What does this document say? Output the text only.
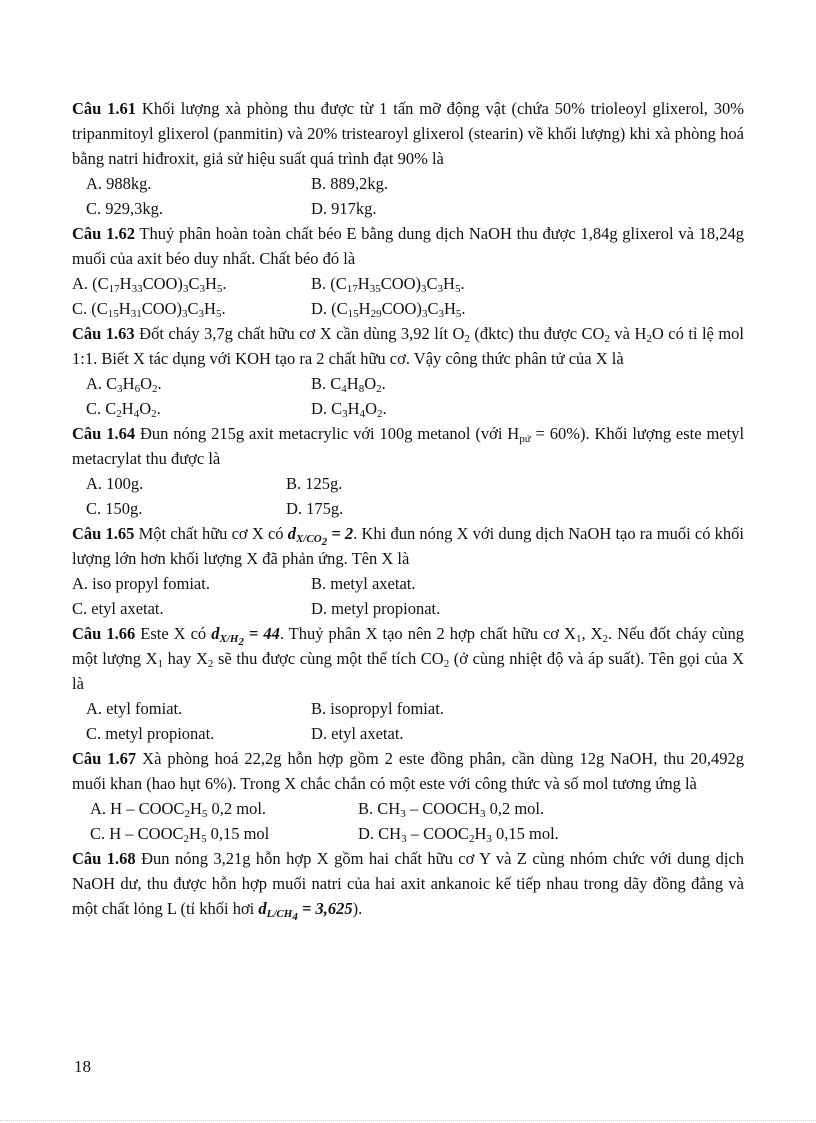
Câu 1.61 Khối lượng xà phòng thu được từ 1 tấn mỡ động vật (chứa 50% trioleoyl glixerol, 30% tripanmitoyl glixerol (panmitin) và 20% tristearoyl glixerol (stearin) về khối lượng) khi xà phòng hoá bằng natri hiđroxit, giả sử hiệu suất quá trình đạt 90% là
A. 988kg.	B. 889,2kg.
C. 929,3kg.	D. 917kg.
Câu 1.62 Thuỷ phân hoàn toàn chất béo E bằng dung dịch NaOH thu được 1,84g glixerol và 18,24g muối của axit béo duy nhất. Chất béo đó là
A. $(C_{17}H_{33}COO)_3C_3H_5$.	B. $(C_{17}H_{35}COO)_3C_3H_5$.
C. $(C_{15}H_{31}COO)_3C_3H_5$.	D. $(C_{15}H_{29}COO)_3C_3H_5$.
Câu 1.63 Đốt cháy 3,7g chất hữu cơ X cần dùng 3,92 lít $O_2$ (đktc) thu được $CO_2$ và $H_2O$ có tỉ lệ mol 1:1. Biết X tác dụng với KOH tạo ra 2 chất hữu cơ. Vậy công thức phân tử của X là
A. $C_3H_6O_2$.	B. $C_4H_8O_2$.
C. $C_2H_4O_2$.	D. $C_3H_4O_2$.
Câu 1.64 Đun nóng 215g axit metacrylic với 100g metanol (với $H_{pứ} = 60\%$). Khối lượng este metyl metacrylat thu được là
A. 100g.	B. 125g.
C. 150g.	D. 175g.
Câu 1.65 Một chất hữu cơ X có $d_{X/CO_2} = 2$. Khi đun nóng X với dung dịch NaOH tạo ra muối có khối lượng lớn hơn khối lượng X đã phản ứng. Tên X là
A. iso propyl fomiat.	B. metyl axetat.
C. etyl axetat.	D. metyl propionat.
Câu 1.66 Este X có $d_{X/H_2} = 44$. Thuỷ phân X tạo nên 2 hợp chất hữu cơ $X_1$, $X_2$. Nếu đốt cháy cùng một lượng $X_1$ hay $X_2$ sẽ thu được cùng một thể tích $CO_2$ (ở cùng nhiệt độ và áp suất). Tên gọi của X là
A. etyl fomiat.	B. isopropyl fomiat.
C. metyl propionat.	D. etyl axetat.
Câu 1.67 Xà phòng hoá 22,2g hỗn hợp gồm 2 este đồng phân, cần dùng 12g NaOH, thu 20,492g muối khan (hao hụt 6%). Trong X chắc chắn có một este với công thức và số mol tương ứng là
A. H – $COOC_2H_5$ 0,2 mol.	B. $CH_3$ – $COOCH_3$ 0,2 mol.
C. H – $COOC_2H_5$ 0,15 mol	D. $CH_3$ – $COOC_2H_3$ 0,15 mol.
Câu 1.68 Đun nóng 3,21g hỗn hợp X gồm hai chất hữu cơ Y và Z cùng nhóm chức với dung dịch NaOH dư, thu được hỗn hợp muối natri của hai axit ankanoic kế tiếp nhau trong dãy đồng đẳng và một chất lỏng L (tỉ khối hơi $d_{L/CH_4} = 3,625$).
18
